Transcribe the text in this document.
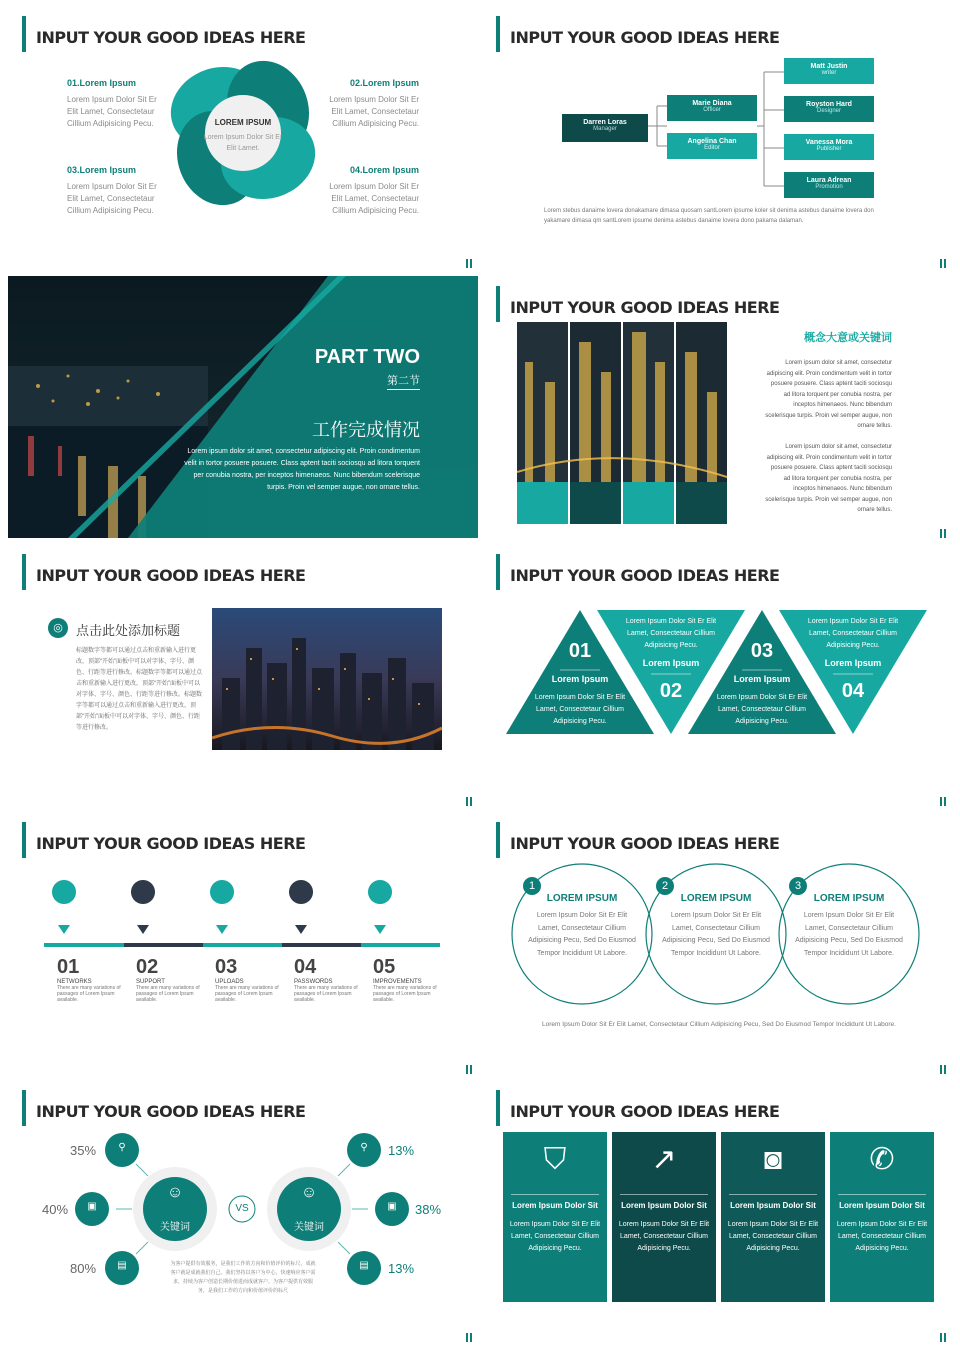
INPUT YOUR GOOD IDEAS HERE
LOREM IPSUM
Lorem Ipsum Dolor Sit Er Elit Lamet.
01.Lorem Ipsum
Lorem Ipsum Dolor Sit Er Elit Lamet, Consectetaur Cillium Adipisicing Pecu.
02.Lorem Ipsum
Lorem Ipsum Dolor Sit Er Elit Lamet, Consectetaur Cillium Adipisicing Pecu.
03.Lorem Ipsum
Lorem Ipsum Dolor Sit Er Elit Lamet, Consectetaur Cillium Adipisicing Pecu.
04.Lorem Ipsum
Lorem Ipsum Dolor Sit Er Elit Lamet, Consectetaur Cillium Adipisicing Pecu.
INPUT YOUR GOOD IDEAS HERE
Darren Loras
Manager
Marie Diana
Officer
Angelina Chan
Editor
Matt Justin
writer
Royston Hard
Designer
Vanessa Mora
Publisher
Laura Adrean
Promotion
Lorem stebus danaime lovera donakamare dimasa quosam santLorem ipsume koler sit denima astebus danaime lovera don yakamare dimasa qm santLorem ipsume denima astebus danaime lovera dono pakama dalaman.
PART TWO
第二节
工作完成情况
Lorem ipsum dolor sit amet, consectetur adipiscing elit. Proin condimentum velit in tortor posuere posuere. Class aptent taciti sociosqu ad litora torquent per conubia nostra, per inceptos himenaeos. Nunc bibendum scelerisque turpis. Proin vel semper augue, non ornare tellus.
INPUT YOUR GOOD IDEAS HERE
概念大意或关键词
Lorem ipsum dolor sit amet, consectetur adipiscing elit. Proin condimentum velit in tortor posuere posuere. Class aptent taciti sociosqu ad litora torquent per conubia nostra, per inceptos himenaeos. Nunc bibendum scelerisque turpis. Proin vel semper augue, non ornare tellus.
Lorem ipsum dolor sit amet, consectetur adipiscing elit. Proin condimentum velit in tortor posuere posuere. Class aptent taciti sociosqu ad litora torquent per conubia nostra, per inceptos himenaeos. Nunc bibendum scelerisque turpis. Proin vel semper augue, non ornare tellus.
INPUT YOUR GOOD IDEAS HERE
◎	点击此处添加标题
标题数字等都可以通过点击和重新输入进行更改，顶部“开始”面板中可以对字体、字号、颜色、行距等进行修改。标题数字等都可以通过点击和重新输入进行更改，顶部“开始”面板中可以对字体、字号、颜色、行距等进行修改。标题数字等都可以通过点击和重新输入进行更改，顶部“开始”面板中可以对字体、字号、颜色、行距等进行修改。
INPUT YOUR GOOD IDEAS HERE
01
Lorem Ipsum
Lorem Ipsum Dolor Sit Er Elit Lamet, Consectetaur Cillium Adipisicing Pecu.
Lorem Ipsum Dolor Sit Er Elit Lamet, Consectetaur Cillium Adipisicing Pecu.
Lorem Ipsum
02
03
Lorem Ipsum
Lorem Ipsum Dolor Sit Er Elit Lamet, Consectetaur Cillium Adipisicing Pecu.
Lorem Ipsum Dolor Sit Er Elit Lamet, Consectetaur Cillium Adipisicing Pecu.
Lorem Ipsum
04
INPUT YOUR GOOD IDEAS HERE
⚇	⊕	☁	⚷	⚒
01
NETWORKS
There are many variations of passages of Lorem Ipsum available.
02
SUPPORT
There are many variations of passages of Lorem Ipsum available.
03
UPLOADS
There are many variations of passages of Lorem Ipsum available.
04
PASSWORDS
There are many variations of passages of Lorem Ipsum available.
05
IMPROVEMENTS
There are many variations of passages of Lorem Ipsum available.
INPUT YOUR GOOD IDEAS HERE
1	2	3
LOREM IPSUM
Lorem Ipsum Dolor Sit Er Elit Lamet, Consectetaur Cillium Adipisicing Pecu, Sed Do Eiusmod Tempor Incididunt Ut Labore.
LOREM IPSUM
Lorem Ipsum Dolor Sit Er Elit Lamet, Consectetaur Cillium Adipisicing Pecu, Sed Do Eiusmod Tempor Incididunt Ut Labore.
LOREM IPSUM
Lorem Ipsum Dolor Sit Er Elit Lamet, Consectetaur Cillium Adipisicing Pecu, Sed Do Eiusmod Tempor Incididunt Ut Labore.
Lorem Ipsum Dolor Sit Er Elit Lamet, Consectetaur Cillium Adipisicing Pecu, Sed Do Eiusmod Tempor Incididunt Ut Labore.
INPUT YOUR GOOD IDEAS HERE
⚲
▣
▤
⚲
▣
▤
☺
关键词
☺
关键词
VS
35%
40%
80%
13%
38%
13%
为客户提供有效服务，是我们工作的方向和价值评价的标尺，成就客户就是成就我们自己。我们坚持以客户为中心，快速响应客户需求，持续为客户创造长期价值进而成就客户。为客户提供有效服务，是我们工作的方向和价值评价的标尺
INPUT YOUR GOOD IDEAS HERE
⛉
Lorem Ipsum Dolor Sit
Lorem Ipsum Dolor Sit Er Elit Lamet, Consectetaur Cillium Adipisicing Pecu.
↗
Lorem Ipsum Dolor Sit
Lorem Ipsum Dolor Sit Er Elit Lamet, Consectetaur Cillium Adipisicing Pecu.
◙
Lorem Ipsum Dolor Sit
Lorem Ipsum Dolor Sit Er Elit Lamet, Consectetaur Cillium Adipisicing Pecu.
✆
Lorem Ipsum Dolor Sit
Lorem Ipsum Dolor Sit Er Elit Lamet, Consectetaur Cillium Adipisicing Pecu.
